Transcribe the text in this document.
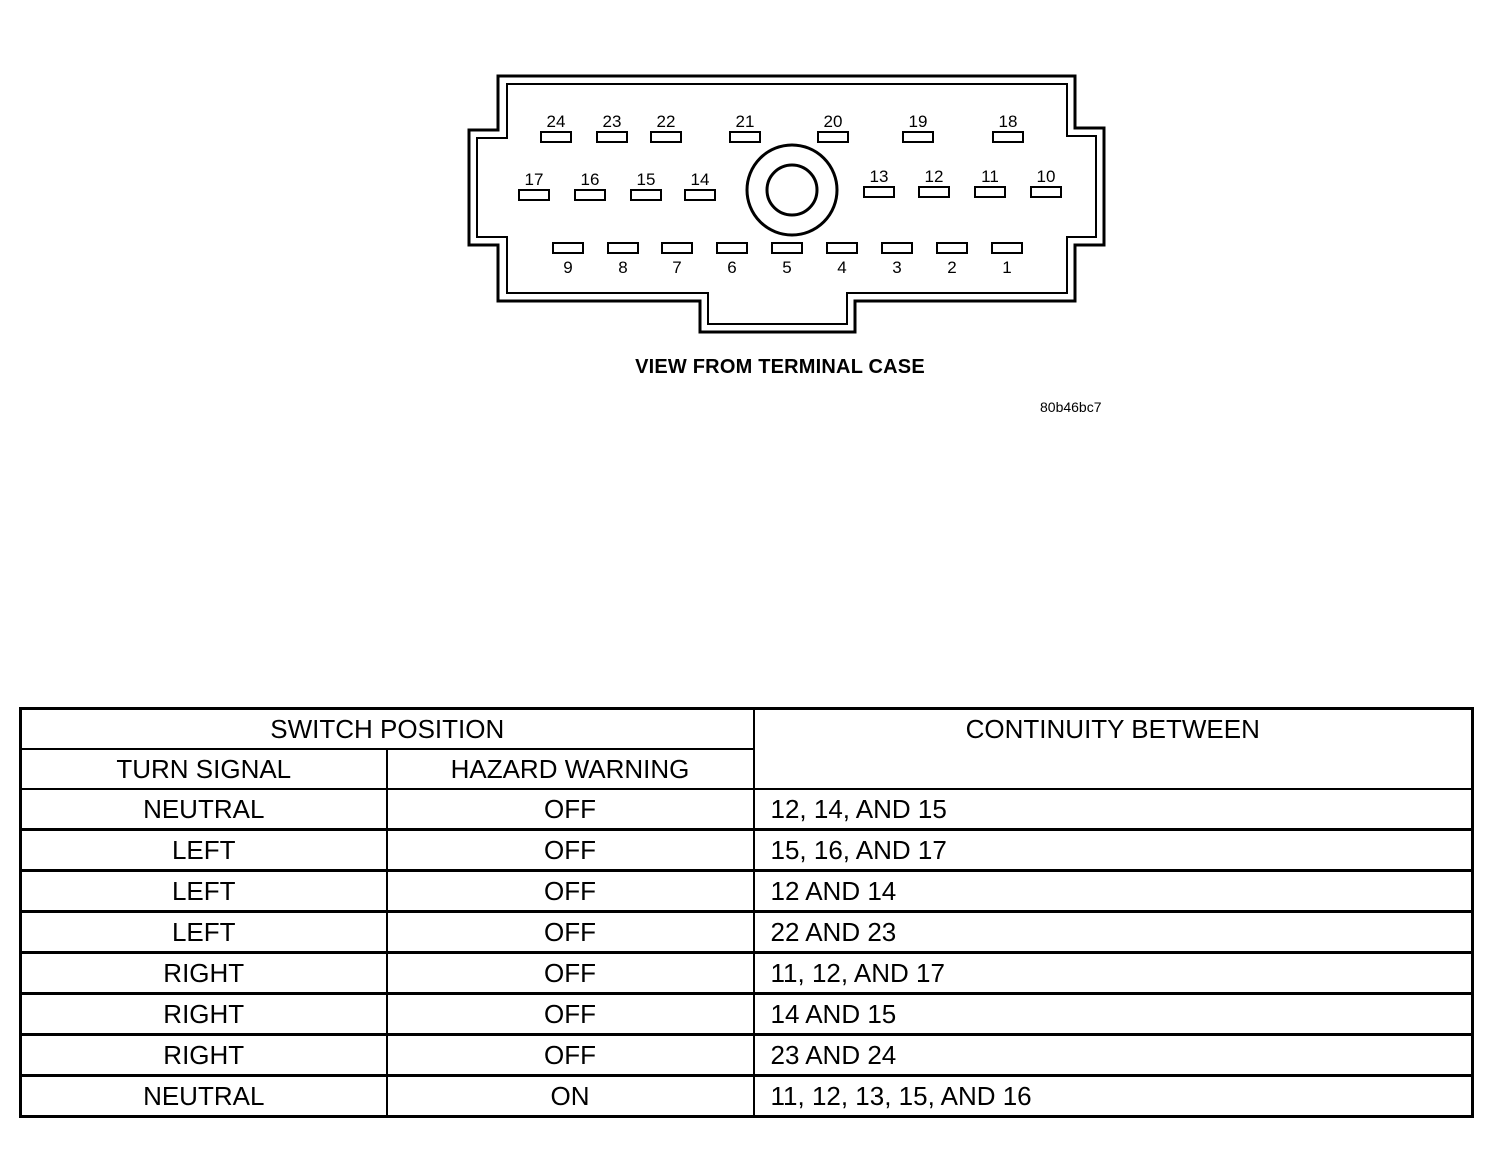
24 23 22	21	20	19	18
17 16 15 14	13 12 11 10
9	8	7	6	5	4	3	2	1
VIEW FROM TERMINAL CASE
80b46bc7
SWITCH POSITION		CONTINUITY BETWEEN
TURN SIGNAL	HAZARD WARNING	
NEUTRAL	OFF	12, 14, AND 15
LEFT	OFF	15, 16, AND 17
LEFT	OFF	12 AND 14
LEFT	OFF	22 AND 23
RIGHT	OFF	11, 12, AND 17
RIGHT	OFF	14 AND 15
RIGHT	OFF	23 AND 24
NEUTRAL	ON	11, 12, 13, 15, AND 16
